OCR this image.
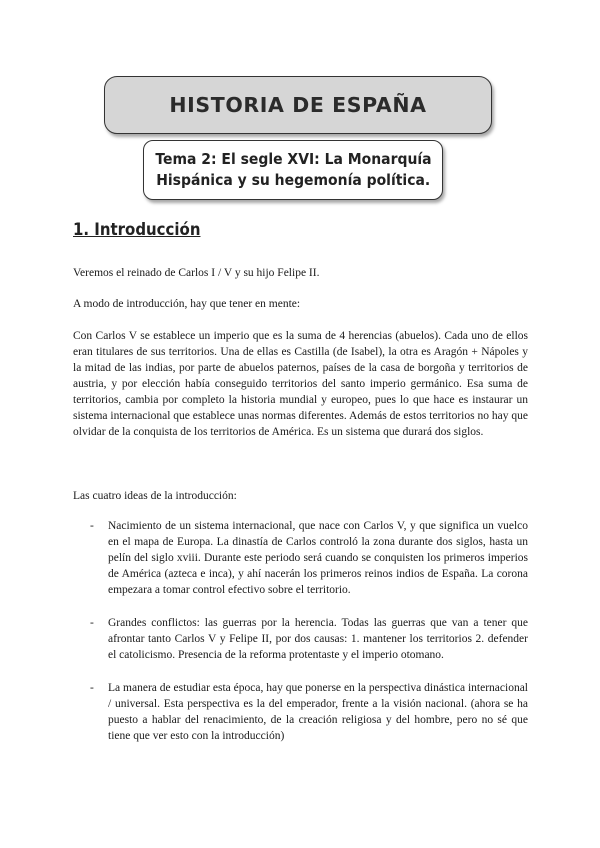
HISTORIA DE ESPAÑA
Tema 2: El segle XVI: La Monarquía
Hispánica y su hegemonía política.
1. Introducción

Veremos el reinado de Carlos I / V y su hijo Felipe II.

A modo de introducción, hay que tener en mente:

Con Carlos V se establece un imperio que es la suma de 4 herencias (abuelos). Cada uno de ellos eran titulares de sus territorios. Una de ellas es Castilla (de Isabel), la otra es Aragón + Nápoles y la mitad de las indias, por parte de abuelos paternos, países de la casa de borgoña y territorios de austria, y por elección había conseguido territorios del santo imperio germánico. Esa suma de territorios, cambia por completo la historia mundial y europeo, pues lo que hace es instaurar un sistema internacional que establece unas normas diferentes. Además de estos territorios no hay que olvidar de la conquista de los territorios de América. Es un sistema que durará dos siglos.

Las cuatro ideas de la introducción:

- Nacimiento de un sistema internacional, que nace con Carlos V, y que significa un vuelco en el mapa de Europa. La dinastía de Carlos controló la zona durante dos siglos, hasta un pelín del siglo xviii. Durante este periodo será cuando se conquisten los primeros imperios de América (azteca e inca), y ahí nacerán los primeros reinos indios de España. La corona empezara a tomar control efectivo sobre el territorio.
- Grandes conflictos: las guerras por la herencia. Todas las guerras que van a tener que afrontar tanto Carlos V y Felipe II, por dos causas: 1. mantener los territorios 2. defender el catolicismo. Presencia de la reforma protentaste y el imperio otomano.
- La manera de estudiar esta época, hay que ponerse en la perspectiva dinástica internacional / universal. Esta perspectiva es la del emperador, frente a la visión nacional. (ahora se ha puesto a hablar del renacimiento, de la creación religiosa y del hombre, pero no sé que tiene que ver esto con la introducción)
